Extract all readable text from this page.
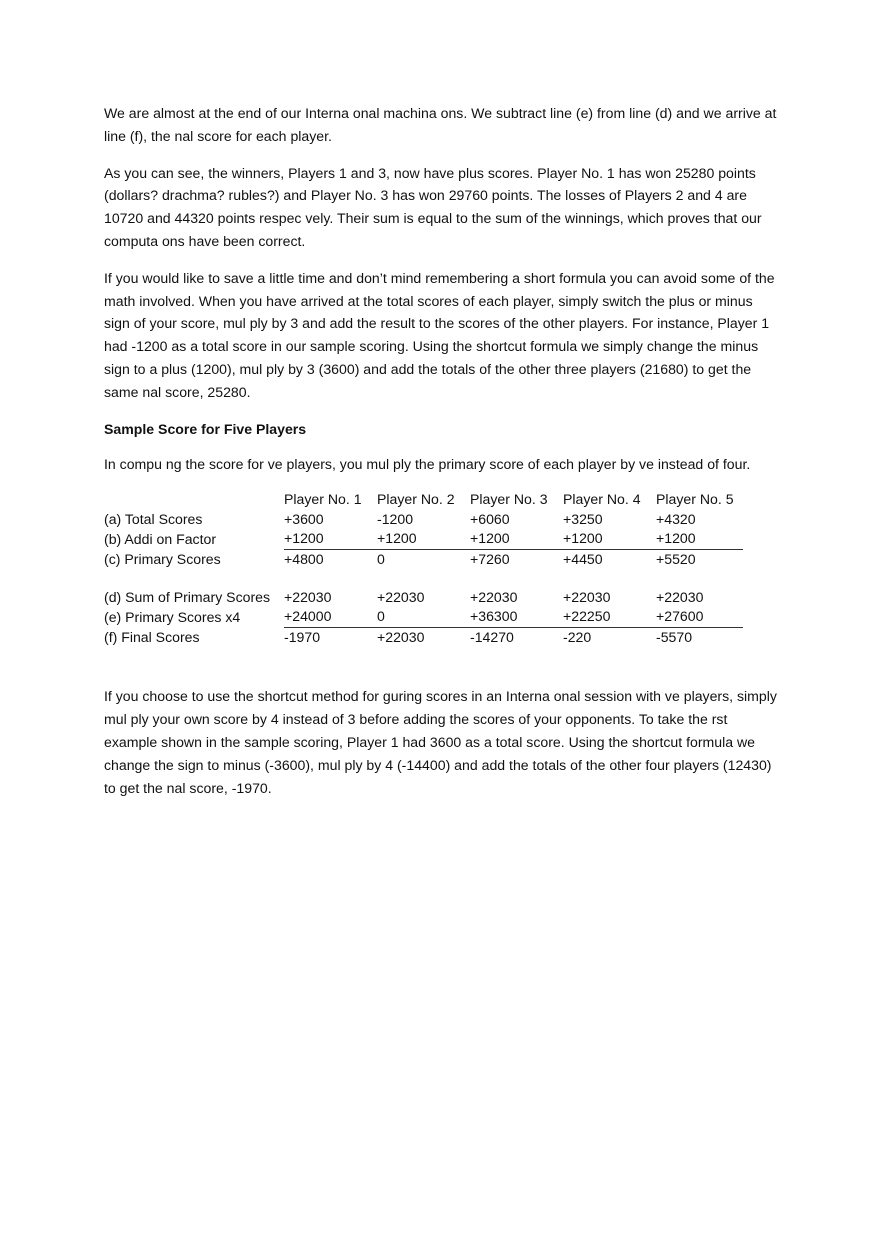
We are almost at the end of our Interna onal machina ons. We subtract line (e) from line (d) and we arrive at line (f), the nal score for each player.

As you can see, the winners, Players 1 and 3, now have plus scores. Player No. 1 has won 25280 points (dollars? drachma? rubles?) and Player No. 3 has won 29760 points. The losses of Players 2 and 4 are 10720 and 44320 points respec vely. Their sum is equal to the sum of the winnings, which proves that our computa ons have been correct.

If you would like to save a little time and don’t mind remembering a short formula you can avoid some of the math involved. When you have arrived at the total scores of each player, simply switch the plus or minus sign of your score, mul ply by 3 and add the result to the scores of the other players. For instance, Player 1 had -1200 as a total score in our sample scoring. Using the shortcut formula we simply change the minus sign to a plus (1200), mul ply by 3 (3600) and add the totals of the other three players (21680) to get the same nal score, 25280.

Sample Score for Five Players

In compu ng the score for ve players, you mul ply the primary score of each player by ve instead of four.

	Player No. 1	Player No. 2	Player No. 3	Player No. 4	Player No. 5
(a) Total Scores	+3600	-1200	+6060	+3250	+4320
(b) Addi on Factor	+1200	+1200	+1200	+1200	+1200
(c) Primary Scores	+4800	0	+7260	+4450	+5520

(d) Sum of Primary Scores	+22030	+22030	+22030	+22030	+22030
(e) Primary Scores x4	+24000	0	+36300	+22250	+27600
(f) Final Scores	-1970	+22030	-14270	-220	-5570

If you choose to use the shortcut method for guring scores in an Interna onal session with ve players, simply mul ply your own score by 4 instead of 3 before adding the scores of your opponents. To take the rst example shown in the sample scoring, Player 1 had 3600 as a total score. Using the shortcut formula we change the sign to minus (-3600), mul ply by 4 (-14400) and add the totals of the other four players (12430) to get the nal score, -1970.
